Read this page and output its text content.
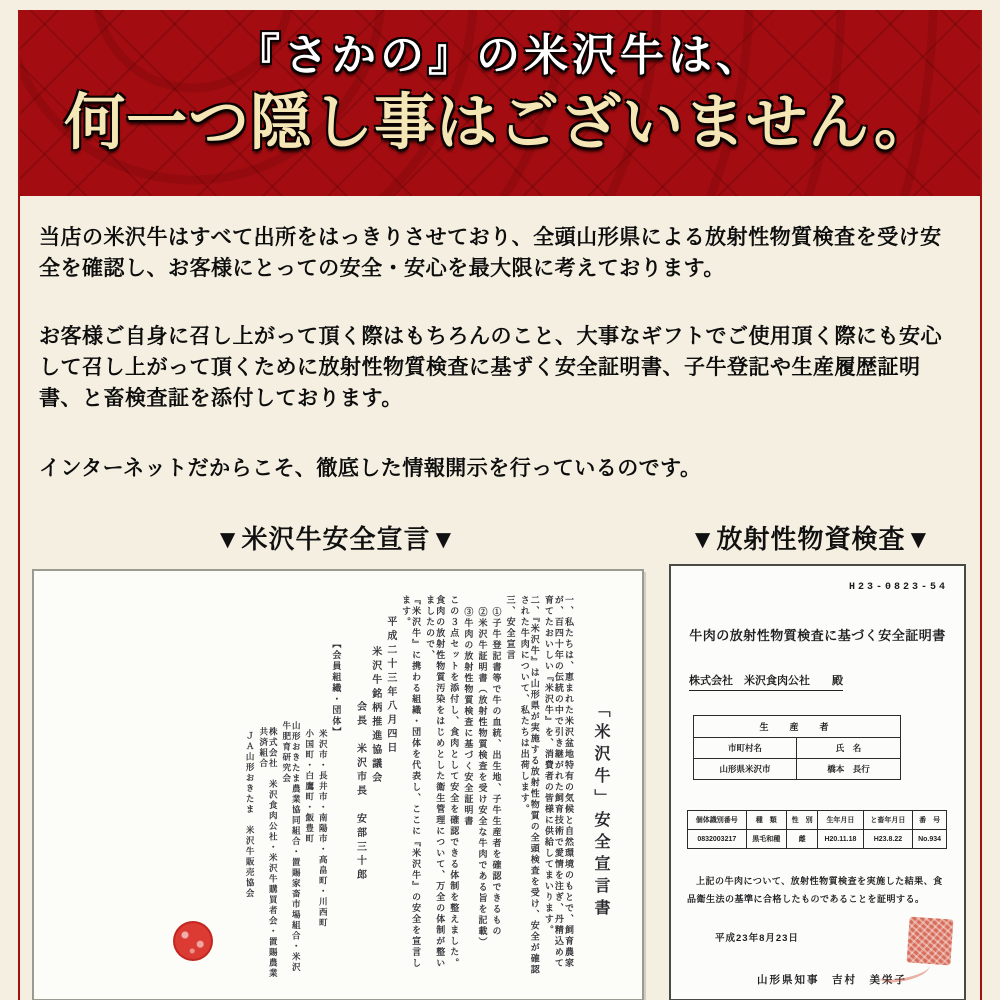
『さかの』の米沢牛は、
何一つ隠し事はございません。

当店の米沢牛はすべて出所をはっきりさせており、全頭山形県による放射性物質検査を受け安全を確認し、お客様にとっての安全・安心を最大限に考えております。

お客様ご自身に召し上がって頂く際はもちろんのこと、大事なギフトでご使用頂く際にも安心して召し上がって頂くために放射性物質検査に基ずく安全証明書、子牛登記や生産履歴証明書、と畜検査証を添付しております。

インターネットだからこそ、徹底した情報開示を行っているのです。

▼米沢牛安全宣言▼	▼放射性物資検査▼
「米沢牛」安全宣言書
一、私たちは、恵まれた米沢盆地特有の気候と自然環境のもとで、飼育農家が、百四十年の伝統の中で引き継がれた飼育技術で愛情を注ぎ、丹精込めて育てたおいしい『米沢牛』を、消費者の皆様に供給してまいります。
二、『米沢牛』は山形県が実施する放射性物質の全頭検査を受け、安全が確認された牛肉について、私たちは出荷します。
三、安全宣言
①子牛登記書等で牛の血統、出生地、子牛生産者を確認できるもの
②米沢牛証明書（放射性物質検査を受け安全な牛肉である旨を記載）
③牛肉の放射性物質検査に基づく安全証明書
この３点セットを添付し、食肉として安全を確認できる体制を整えました。
食肉の放射性物質汚染をはじめとした衛生管理について、万全の体制が整いましたので、
『米沢牛』に携わる組織・団体を代表し、ここに『米沢牛』の安全を宣言します。
平成二十三年八月四日
米沢牛銘柄推進協議会
会長　米沢市長　安部三十郎
【会員組織・団体】
米沢市・長井市・南陽市・高畠町・川西町
小国町・白鷹町・飯豊町
山形おきたま農業協同組合・置賜家畜市場組合・米沢牛肥育研究会
株式会社　米沢食肉公社・米沢牛購買者会・置賜農業共済組合
ＪＡ山形おきたま　米沢牛販売協会
H23-0823-54
牛肉の放射性物質検査に基づく安全証明書
株式会社　米沢食肉公社　　殿
生　産　者	
市町村名	氏　名
山形県米沢市	橋本　長行
個体識別番号	種　類	性　別	生年月日	と畜年月日	番　号
0832003217	黒毛和種	雌	H20.11.18	H23.8.22	No.934
上記の牛肉について、放射性物質検査を実施した結果、食品衛生法の基準に合格したものであることを証明する。
平成23年8月23日
山形県知事　吉村　美栄子
